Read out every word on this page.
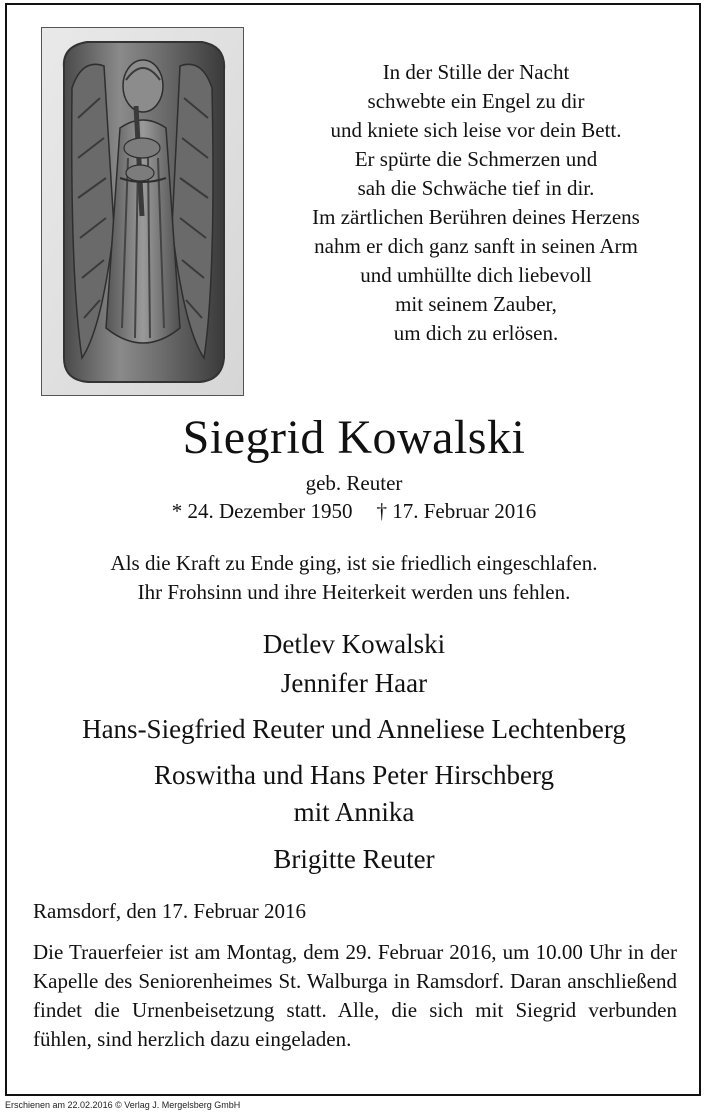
In der Stille der Nacht
schwebte ein Engel zu dir
und kniete sich leise vor dein Bett.
Er spürte die Schmerzen und
sah die Schwäche tief in dir.
Im zärtlichen Berühren deines Herzens
nahm er dich ganz sanft in seinen Arm
und umhüllte dich liebevoll
mit seinem Zauber,
um dich zu erlösen.
Siegrid Kowalski
geb. Reuter
* 24. Dezember 1950 † 17. Februar 2016
Als die Kraft zu Ende ging, ist sie friedlich eingeschlafen.
Ihr Frohsinn und ihre Heiterkeit werden uns fehlen.
Detlev Kowalski
Jennifer Haar
Hans-Siegfried Reuter und Anneliese Lechtenberg
Roswitha und Hans Peter Hirschberg
mit Annika
Brigitte Reuter
Ramsdorf, den 17. Februar 2016
Die Trauerfeier ist am Montag, dem 29. Februar 2016, um 10.00 Uhr in der Kapelle des Seniorenheimes St. Walburga in Ramsdorf. Daran anschließend findet die Urnenbeisetzung statt. Alle, die sich mit Siegrid verbunden fühlen, sind herzlich dazu eingeladen.
Erschienen am 22.02.2016 © Verlag J. Mergelsberg GmbH
